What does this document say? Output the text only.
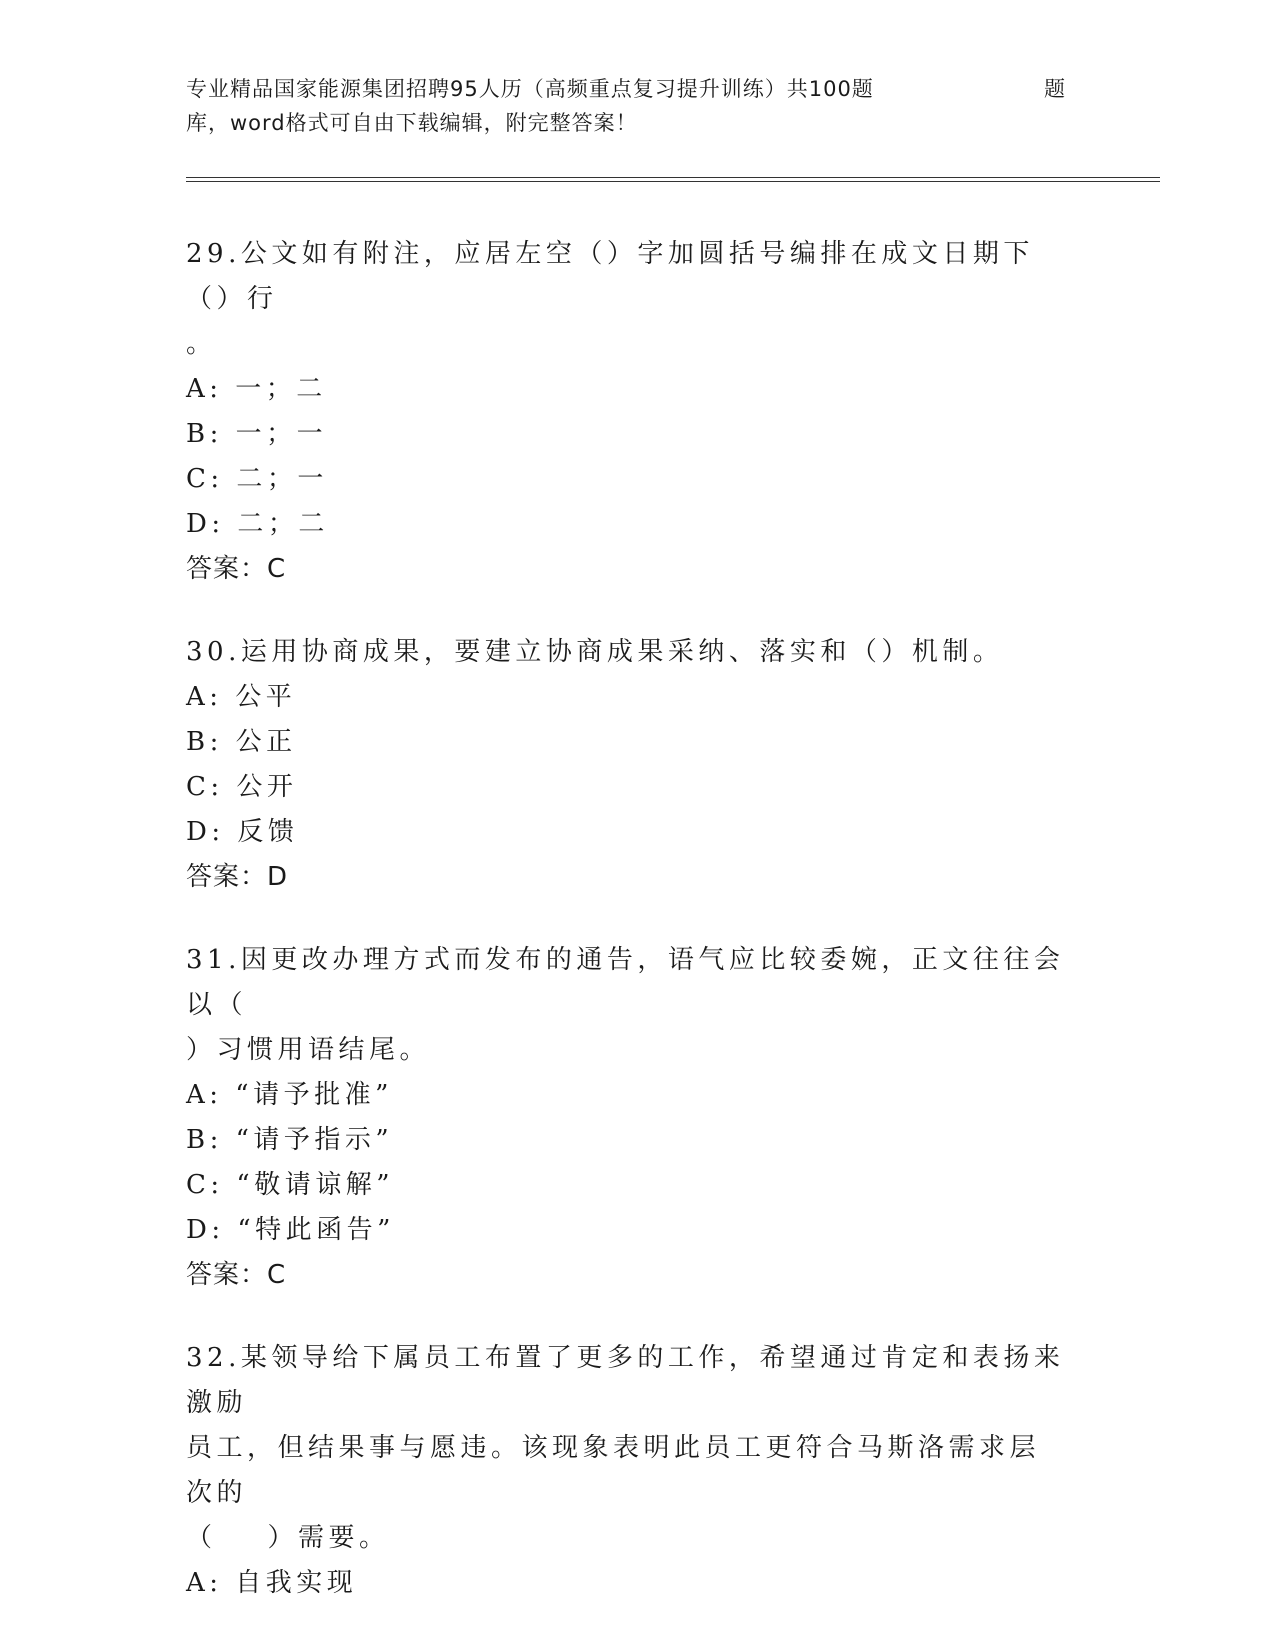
专业精品国家能源集团招聘95人历（高频重点复习提升训练）共100题	题
库，word格式可自由下载编辑，附完整答案！
29.公文如有附注，应居左空（）字加圆括号编排在成文日期下（）行
。
A: 一；二
B: 一；一
C: 二；一
D: 二；二
答案：C
30.运用协商成果，要建立协商成果采纳、落实和（）机制。
A: 公平
B: 公正
C: 公开
D: 反馈
答案：D
31.因更改办理方式而发布的通告，语气应比较委婉，正文往往会以（
）习惯用语结尾。
A: “请予批准”
B: “请予指示”
C: “敬请谅解”
D: “特此函告”
答案：C
32.某领导给下属员工布置了更多的工作，希望通过肯定和表扬来激励
员工，但结果事与愿违。该现象表明此员工更符合马斯洛需求层次的
（    ）需要。
A: 自我实现
